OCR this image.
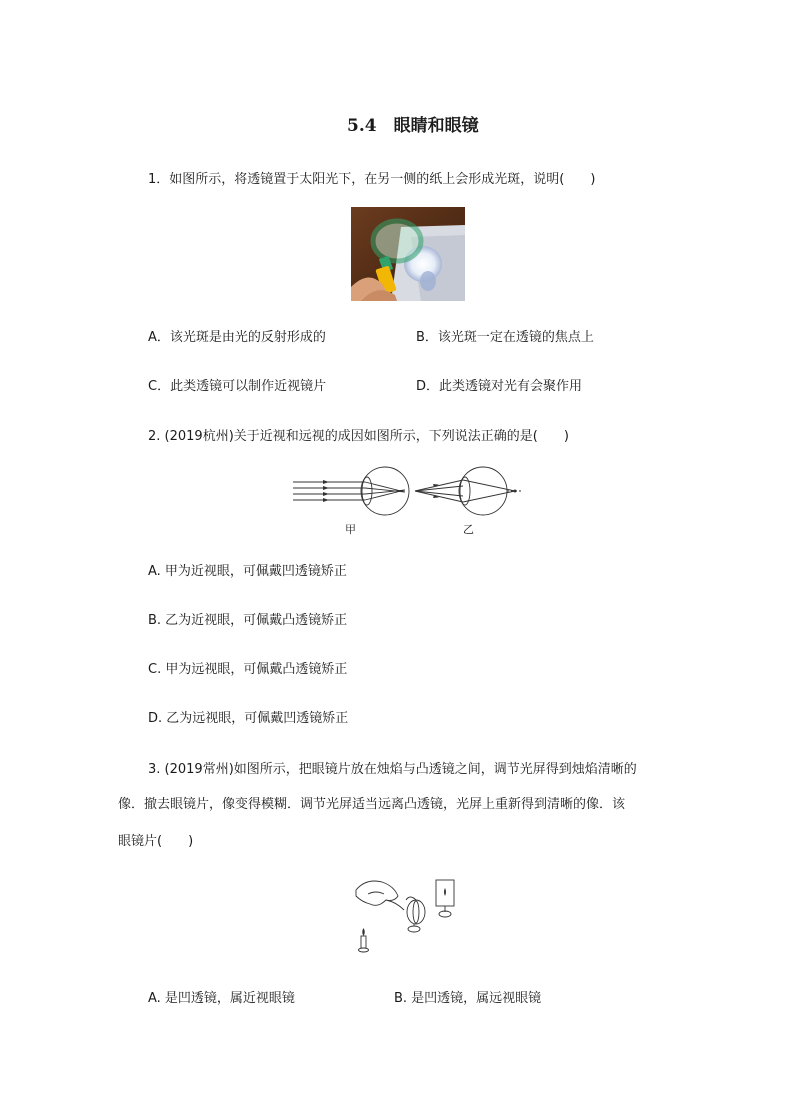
5.4　眼睛和眼镜
1．如图所示，将透镜置于太阳光下，在另一侧的纸上会形成光斑，说明(　　)
A．该光斑是由光的反射形成的	B．该光斑一定在透镜的焦点上
C．此类透镜可以制作近视镜片	D．此类透镜对光有会聚作用
2. (2019杭州)关于近视和远视的成因如图所示，下列说法正确的是(　　)
甲	乙
A. 甲为近视眼，可佩戴凹透镜矫正
B. 乙为近视眼，可佩戴凸透镜矫正
C. 甲为远视眼，可佩戴凸透镜矫正
D. 乙为远视眼，可佩戴凹透镜矫正
3. (2019常州)如图所示，把眼镜片放在烛焰与凸透镜之间，调节光屏得到烛焰清晰的
像．撤去眼镜片，像变得模糊．调节光屏适当远离凸透镜，光屏上重新得到清晰的像．该
眼镜片(　　)
A. 是凹透镜，属近视眼镜	B. 是凹透镜，属远视眼镜
